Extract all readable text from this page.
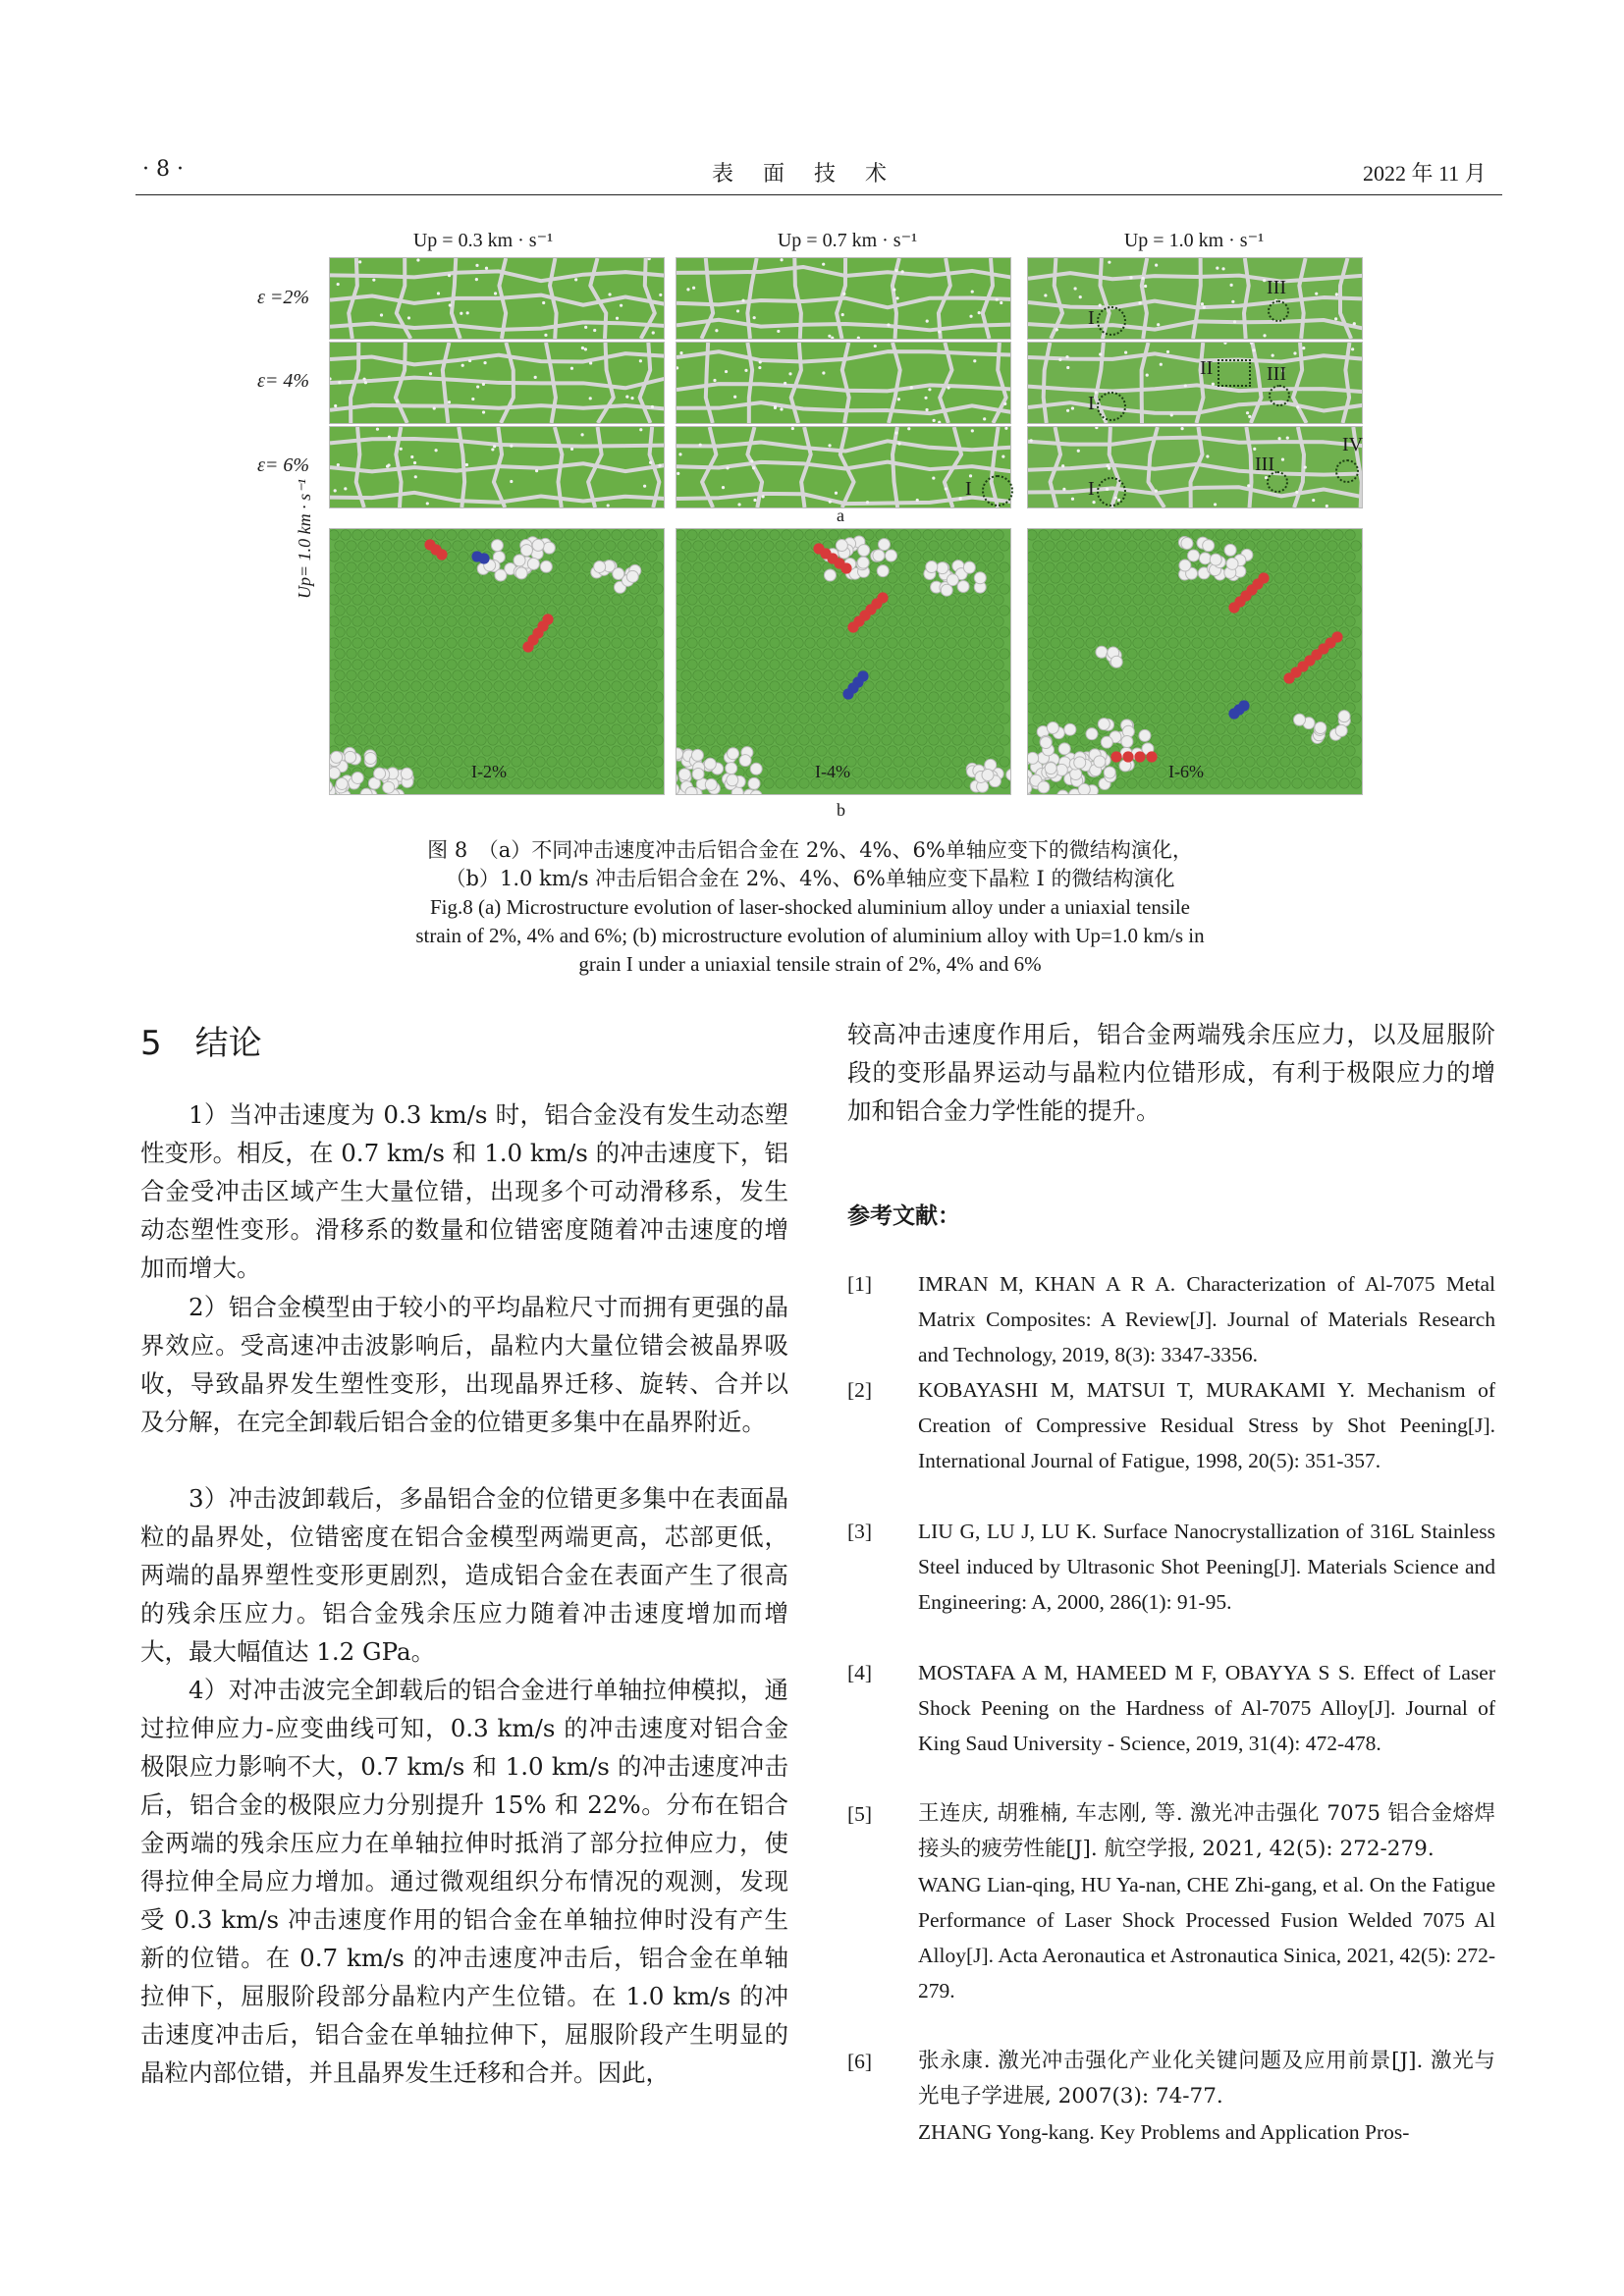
· 8 ·	表　面　技　术	2022 年 11 月
Up = 0.3 km · s⁻¹	Up = 0.7 km · s⁻¹	Up = 1.0 km · s⁻¹
ε =2%
ε= 4%
ε= 6%
I
III
I
II	III
I
III
IV
I
a
Up= 1.0 km · s⁻¹
I-2%	I-4%	I-6%
b
图 8　（a）不同冲击速度冲击后铝合金在 2%、4%、6%单轴应变下的微结构演化，
（b）1.0 km/s 冲击后铝合金在 2%、4%、6%单轴应变下晶粒 I 的微结构演化
Fig.8 (a) Microstructure evolution of laser-shocked aluminium alloy under a uniaxial tensile
strain of 2%, 4% and 6%; (b) microstructure evolution of aluminium alloy with Up=1.0 km/s in
grain I under a uniaxial tensile strain of 2%, 4% and 6%
5　结论

1）当冲击速度为 0.3 km/s 时，铝合金没有发生动态塑性变形。相反，在 0.7 km/s 和 1.0 km/s 的冲击速度下，铝合金受冲击区域产生大量位错，出现多个可动滑移系，发生动态塑性变形。滑移系的数量和位错密度随着冲击速度的增加而增大。

2）铝合金模型由于较小的平均晶粒尺寸而拥有更强的晶界效应。受高速冲击波影响后，晶粒内大量位错会被晶界吸收，导致晶界发生塑性变形，出现晶界迁移、旋转、合并以及分解，在完全卸载后铝合金的位错更多集中在晶界附近。

3）冲击波卸载后，多晶铝合金的位错更多集中在表面晶粒的晶界处，位错密度在铝合金模型两端更高，芯部更低，两端的晶界塑性变形更剧烈，造成铝合金在表面产生了很高的残余压应力。铝合金残余压应力随着冲击速度增加而增大，最大幅值达 1.2 GPa。

4）对冲击波完全卸载后的铝合金进行单轴拉伸模拟，通过拉伸应力-应变曲线可知，0.3 km/s 的冲击速度对铝合金极限应力影响不大，0.7 km/s 和 1.0 km/s 的冲击速度冲击后，铝合金的极限应力分别提升 15% 和 22%。分布在铝合金两端的残余压应力在单轴拉伸时抵消了部分拉伸应力，使得拉伸全局应力增加。通过微观组织分布情况的观测，发现受 0.3 km/s 冲击速度作用的铝合金在单轴拉伸时没有产生新的位错。在 0.7 km/s 的冲击速度冲击后，铝合金在单轴拉伸下，屈服阶段部分晶粒内产生位错。在 1.0 km/s 的冲击速度冲击后，铝合金在单轴拉伸下，屈服阶段产生明显的晶粒内部位错，并且晶界发生迁移和合并。因此，

较高冲击速度作用后，铝合金两端残余压应力，以及屈服阶段的变形晶界运动与晶粒内位错形成，有利于极限应力的增加和铝合金力学性能的提升。

参考文献：
[1] IMRAN M, KHAN A R A. Characterization of Al-7075 Metal Matrix Composites: A Review[J]. Journal of Materials Research and Technology, 2019, 8(3): 3347-3356.
[2] KOBAYASHI M, MATSUI T, MURAKAMI Y. Mechanism of Creation of Compressive Residual Stress by Shot Peening[J]. International Journal of Fatigue, 1998, 20(5): 351-357.
[3] LIU G, LU J, LU K. Surface Nanocrystallization of 316L Stainless Steel induced by Ultrasonic Shot Peening[J]. Materials Science and Engineering: A, 2000, 286(1): 91-95.
[4] MOSTAFA A M, HAMEED M F, OBAYYA S S. Effect of Laser Shock Peening on the Hardness of Al-7075 Alloy[J]. Journal of King Saud University - Science, 2019, 31(4): 472-478.
[5] 王连庆, 胡雅楠, 车志刚, 等. 激光冲击强化 7075 铝合金熔焊接头的疲劳性能[J]. 航空学报, 2021, 42(5): 272-279.
WANG Lian-qing, HU Ya-nan, CHE Zhi-gang, et al. On the Fatigue Performance of Laser Shock Processed Fusion Welded 7075 Al Alloy[J]. Acta Aeronautica et Astronautica Sinica, 2021, 42(5): 272-279.
[6] 张永康. 激光冲击强化产业化关键问题及应用前景[J]. 激光与光电子学进展, 2007(3): 74-77.
ZHANG Yong-kang. Key Problems and Application Pros-
